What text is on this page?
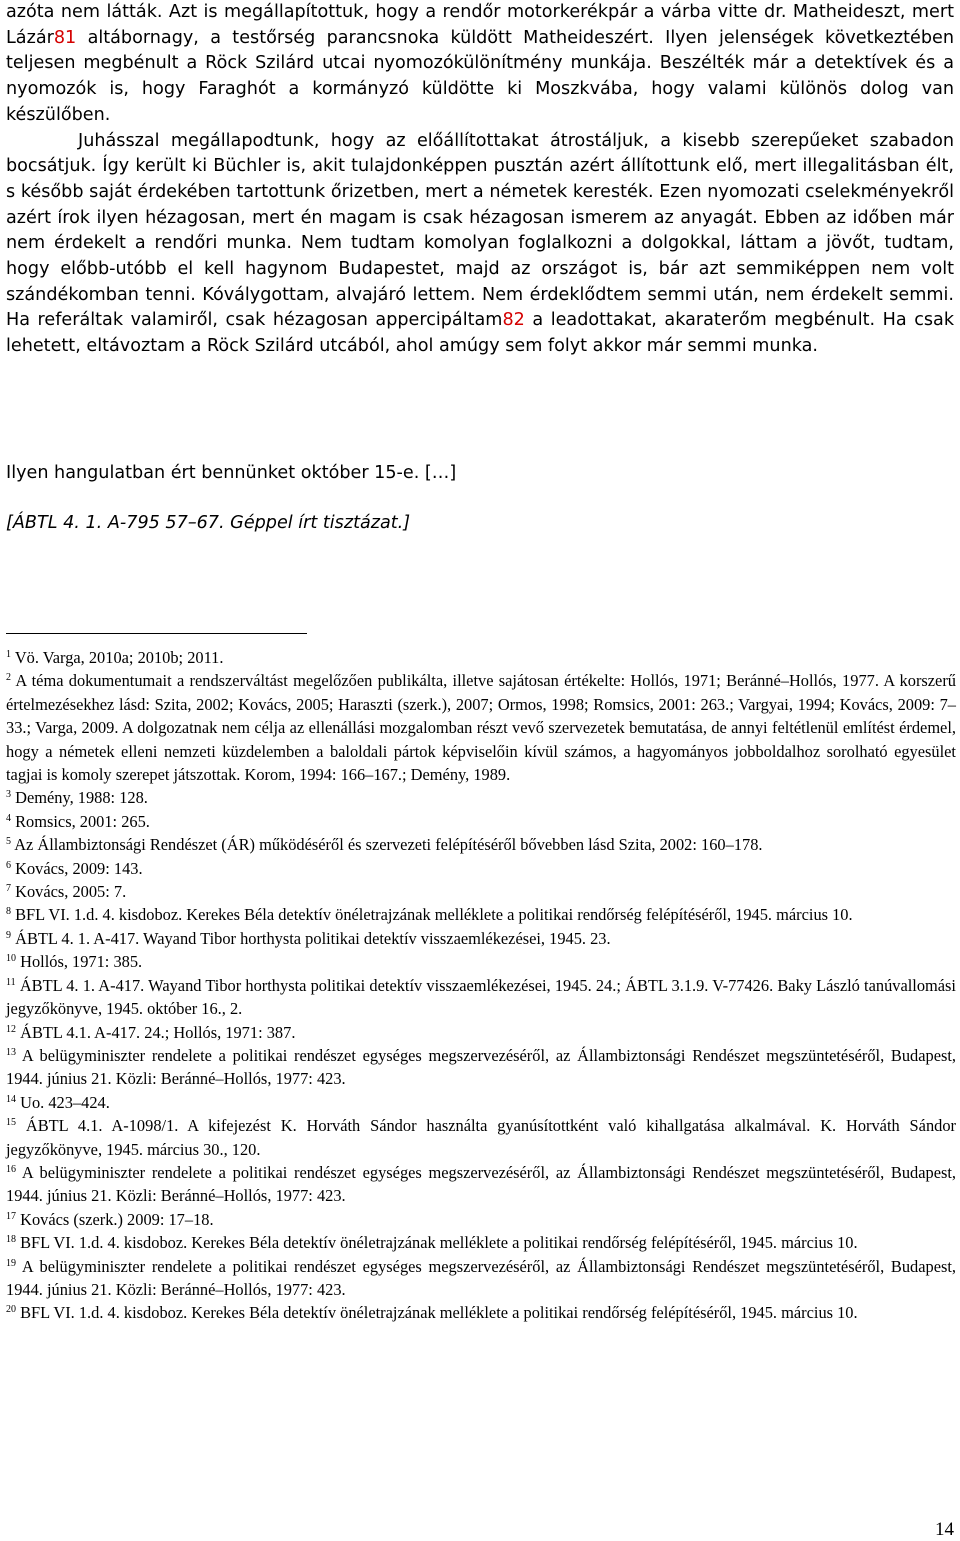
azóta nem látták. Azt is megállapítottuk, hogy a rendőr motorkerékpár a várba vitte dr. Matheideszt, mert Lázár81 altábornagy, a testőrség parancsnoka küldött Matheideszért. Ilyen jelenségek következtében teljesen megbénult a Röck Szilárd utcai nyomozókülönítmény munkája. Beszélték már a detektívek és a nyomozók is, hogy Faraghót a kormányzó küldötte ki Moszkvába, hogy valami különös dolog van készülőben.

Juhásszal megállapodtunk, hogy az előállítottakat átrostáljuk, a kisebb szerepűeket szabadon bocsátjuk. Így került ki Büchler is, akit tulajdonképpen pusztán azért állítottunk elő, mert illegalitásban élt, s később saját érdekében tartottunk őrizetben, mert a németek keresték. Ezen nyomozati cselekményekről azért írok ilyen hézagosan, mert én magam is csak hézagosan ismerem az anyagát. Ebben az időben már nem érdekelt a rendőri munka. Nem tudtam komolyan foglalkozni a dolgokkal, láttam a jövőt, tudtam, hogy előbb-utóbb el kell hagynom Budapestet, majd az országot is, bár azt semmiképpen nem volt szándékomban tenni. Kóválygottam, alvajáró lettem. Nem érdeklődtem semmi után, nem érdekelt semmi. Ha referáltak valamiről, csak hézagosan appercipáltam82 a leadottakat, akaraterőm megbénult. Ha csak lehetett, eltávoztam a Röck Szilárd utcából, ahol amúgy sem folyt akkor már semmi munka.

Ilyen hangulatban ért bennünket október 15-e. […]
[ÁBTL 4. 1. A-795 57–67. Géppel írt tisztázat.]

$^1$ Vö. Varga, 2010a; 2010b; 2011.

$^2$ A téma dokumentumait a rendszerváltást megelőzően publikálta, illetve sajátosan értékelte: Hollós, 1971; Beránné–Hollós, 1977. A korszerű értelmezésekhez lásd: Szita, 2002; Kovács, 2005; Haraszti (szerk.), 2007; Ormos, 1998; Romsics, 2001: 263.; Vargyai, 1994; Kovács, 2009: 7–33.; Varga, 2009. A dolgozatnak nem célja az ellenállási mozgalomban részt vevő szervezetek bemutatása, de annyi feltétlenül említést érdemel, hogy a németek elleni nemzeti küzdelemben a baloldali pártok képviselőin kívül számos, a hagyományos jobboldalhoz sorolható egyesület tagjai is komoly szerepet játszottak. Korom, 1994: 166–167.; Demény, 1989.

$^3$ Demény, 1988: 128.

$^4$ Romsics, 2001: 265.

$^5$ Az Állambiztonsági Rendészet (ÁR) működéséről és szervezeti felépítéséről bővebben lásd Szita, 2002: 160–178.

$^6$ Kovács, 2009: 143.

$^7$ Kovács, 2005: 7.

$^8$ BFL VI. 1.d. 4. kisdoboz. Kerekes Béla detektív önéletrajzának melléklete a politikai rendőrség felépítéséről, 1945. március 10.

$^9$ ÁBTL 4. 1. A-417. Wayand Tibor horthysta politikai detektív visszaemlékezései, 1945. 23.

$^{10}$ Hollós, 1971: 385.

$^{11}$ ÁBTL 4. 1. A-417. Wayand Tibor horthysta politikai detektív visszaemlékezései, 1945. 24.; ÁBTL 3.1.9. V-77426. Baky László tanúvallomási jegyzőkönyve, 1945. október 16., 2.

$^{12}$ ÁBTL 4.1. A-417. 24.; Hollós, 1971: 387.

$^{13}$ A belügyminiszter rendelete a politikai rendészet egységes megszervezéséről, az Állambiztonsági Rendészet megszüntetéséről, Budapest, 1944. június 21. Közli: Beránné–Hollós, 1977: 423.

$^{14}$ Uo. 423–424.

$^{15}$ ÁBTL 4.1. A-1098/1. A kifejezést K. Horváth Sándor használta gyanúsítottként való kihallgatása alkalmával. K. Horváth Sándor jegyzőkönyve, 1945. március 30., 120.

$^{16}$ A belügyminiszter rendelete a politikai rendészet egységes megszervezéséről, az Állambiztonsági Rendészet megszüntetéséről, Budapest, 1944. június 21. Közli: Beránné–Hollós, 1977: 423.

$^{17}$ Kovács (szerk.) 2009: 17–18.

$^{18}$ BFL VI. 1.d. 4. kisdoboz. Kerekes Béla detektív önéletrajzának melléklete a politikai rendőrség felépítéséről, 1945. március 10.

$^{19}$ A belügyminiszter rendelete a politikai rendészet egységes megszervezéséről, az Állambiztonsági Rendészet megszüntetéséről, Budapest, 1944. június 21. Közli: Beránné–Hollós, 1977: 423.

$^{20}$ BFL VI. 1.d. 4. kisdoboz. Kerekes Béla detektív önéletrajzának melléklete a politikai rendőrség felépítéséről, 1945. március 10.

14
